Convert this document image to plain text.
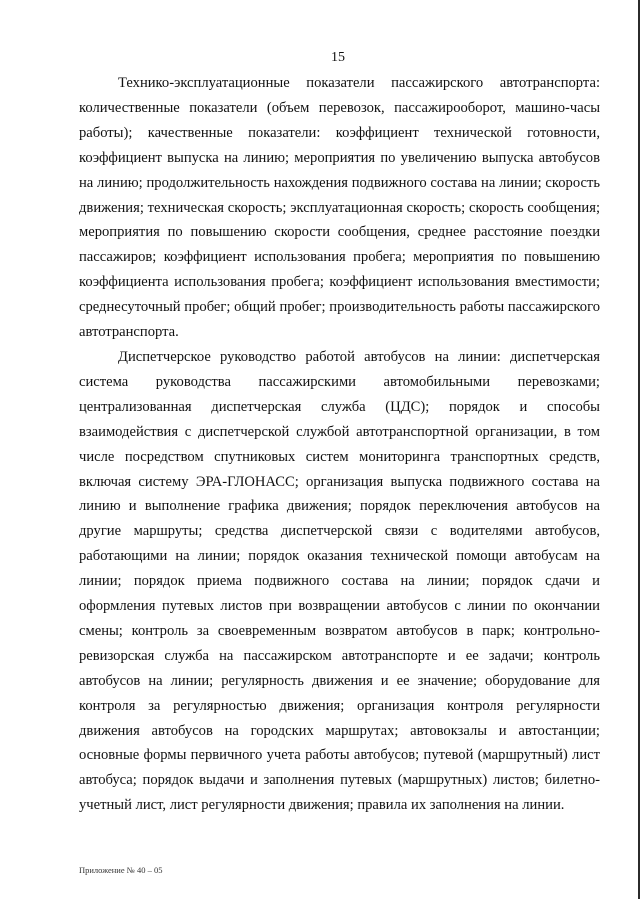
15

Технико-эксплуатационные показатели пассажирского автотранспорта: количественные показатели (объем перевозок, пассажирооборот, машино-часы работы); качественные показатели: коэффициент технической готовности, коэффициент выпуска на линию; мероприятия по увеличению выпуска автобусов на линию; продолжительность нахождения подвижного состава на линии; скорость движения; техническая скорость; эксплуатационная скорость; скорость сообщения; мероприятия по повышению скорости сообщения, среднее расстояние поездки пассажиров; коэффициент использования пробега; мероприятия по повышению коэффициента использования пробега; коэффициент использования вместимости; среднесуточный пробег; общий пробег; производительность работы пассажирского автотранспорта.

Диспетчерское руководство работой автобусов на линии: диспетчерская система руководства пассажирскими автомобильными перевозками; централизованная диспетчерская служба (ЦДС); порядок и способы взаимодействия с диспетчерской службой автотранспортной организации, в том числе посредством спутниковых систем мониторинга транспортных средств, включая систему ЭРА-ГЛОНАСС; организация выпуска подвижного состава на линию и выполнение графика движения; порядок переключения автобусов на другие маршруты; средства диспетчерской связи с водителями автобусов, работающими на линии; порядок оказания технической помощи автобусам на линии; порядок приема подвижного состава на линии; порядок сдачи и оформления путевых листов при возвращении автобусов с линии по окончании смены; контроль за своевременным возвратом автобусов в парк; контрольно-ревизорская служба на пассажирском автотранспорте и ее задачи; контроль автобусов на линии; регулярность движения и ее значение; оборудование для контроля за регулярностью движения; организация контроля регулярности движения автобусов на городских маршрутах; автовокзалы и автостанции; основные формы первичного учета работы автобусов; путевой (маршрутный) лист автобуса; порядок выдачи и заполнения путевых (маршрутных) листов; билетно-учетный лист, лист регулярности движения; правила их заполнения на линии.

Приложение № 40 – 05
